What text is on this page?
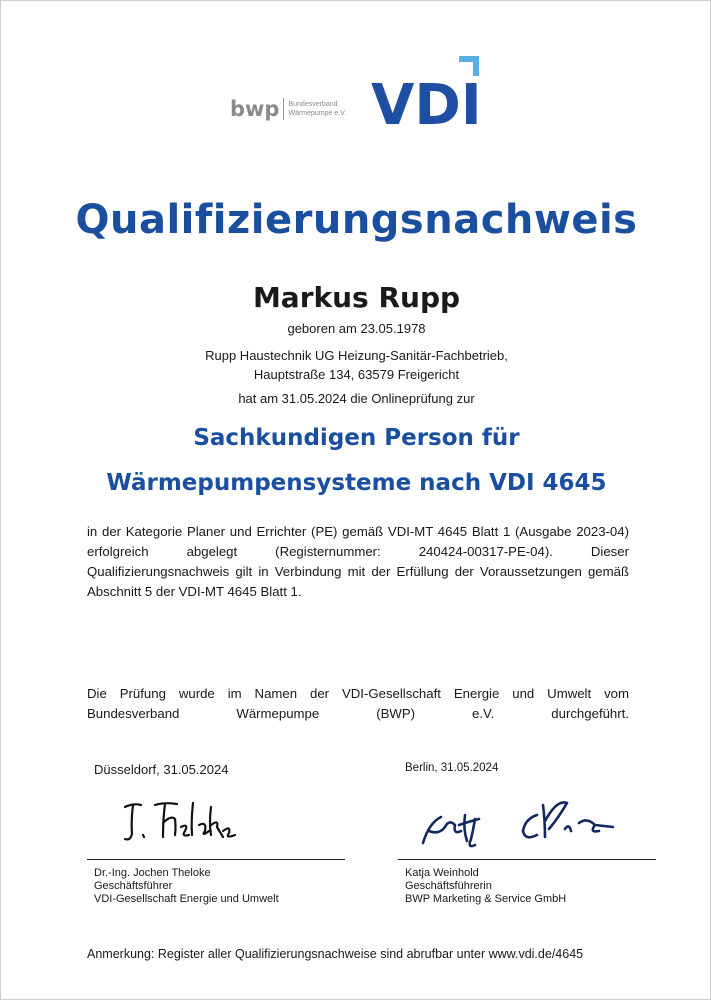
bwp Bundesverband
Wärmepumpe e.V. VDI
Qualifizierungsnachweis
Markus Rupp
geboren am 23.05.1978
Rupp Haustechnik UG Heizung-Sanitär-Fachbetrieb,
Hauptstraße 134, 63579 Freigericht
hat am 31.05.2024 die Onlineprüfung zur
Sachkundigen Person für
Wärmepumpensysteme nach VDI 4645
in der Kategorie Planer und Errichter (PE) gemäß VDI-MT 4645 Blatt 1 (Ausgabe 2023-04) erfolgreich abgelegt (Registernummer: 240424-00317-PE-04). Dieser Qualifizierungsnachweis gilt in Verbindung mit der Erfüllung der Voraussetzungen gemäß Abschnitt 5 der VDI-MT 4645 Blatt 1.
Die Prüfung wurde im Namen der VDI-Gesellschaft Energie und Umwelt vom Bundesverband Wärmepumpe (BWP) e.V. durchgeführt.
Düsseldorf, 31.05.2024
Dr.-Ing. Jochen Theloke
Geschäftsführer
VDI-Gesellschaft Energie und Umwelt
Berlin, 31.05.2024
Katja Weinhold
Geschäftsführerin
BWP Marketing & Service GmbH
Anmerkung: Register aller Qualifizierungsnachweise sind abrufbar unter www.vdi.de/4645
